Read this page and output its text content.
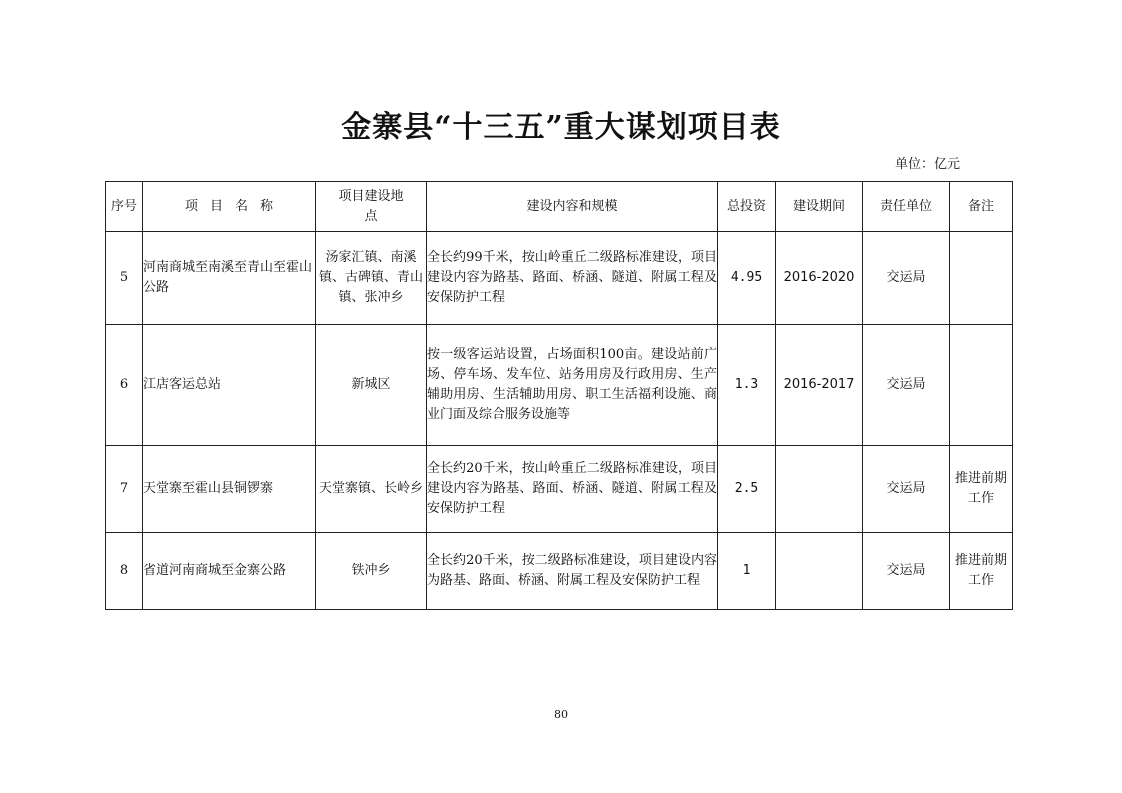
金寨县“十三五”重大谋划项目表
单位：亿元
序号	项目名称	项目建设地点	建设内容和规模	总投资	建设期间	责任单位	备注
5	河南商城至南溪至青山至霍山公路	汤家汇镇、南溪镇、古碑镇、青山镇、张冲乡	全长约99千米，按山岭重丘二级路标准建设，项目建设内容为路基、路面、桥涵、隧道、附属工程及安保防护工程	4.95	2016-2020	交运局	
6	江店客运总站	新城区	按一级客运站设置，占场面积100亩。建设站前广场、停车场、发车位、站务用房及行政用房、生产辅助用房、生活辅助用房、职工生活福利设施、商业门面及综合服务设施等	1.3	2016-2017	交运局	
7	天堂寨至霍山县铜锣寨	天堂寨镇、长岭乡	全长约20千米，按山岭重丘二级路标准建设，项目建设内容为路基、路面、桥涵、隧道、附属工程及安保防护工程	2.5		交运局	推进前期工作
8	省道河南商城至金寨公路	铁冲乡	全长约20千米，按二级路标准建设，项目建设内容为路基、路面、桥涵、附属工程及安保防护工程	1		交运局	推进前期工作
80
